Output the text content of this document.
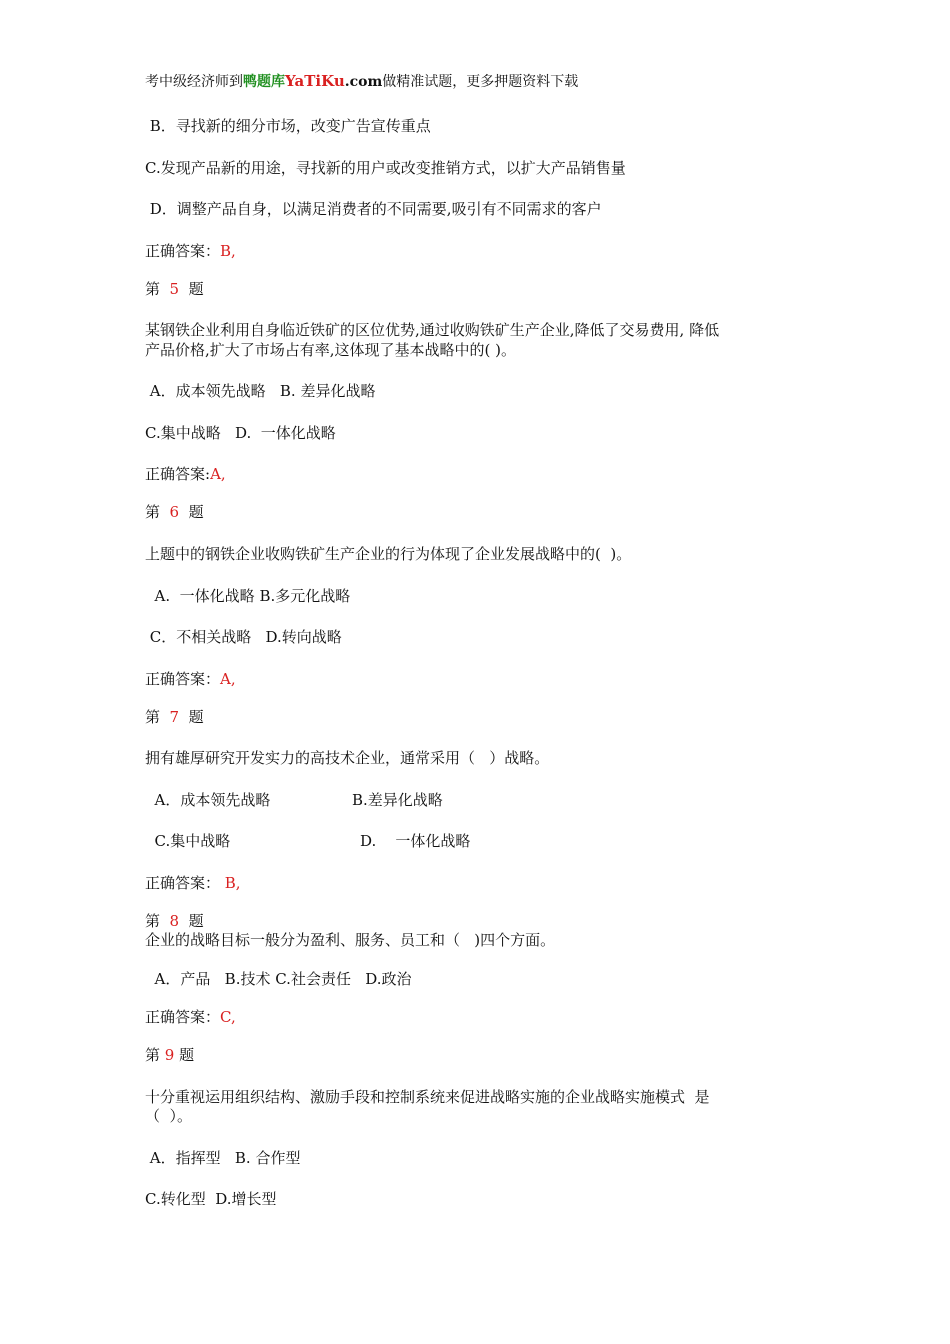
考中级经济师到鸭题库YaTiKu.com做精准试题，更多押题资料下载
B．寻找新的细分市场，改变广告宣传重点
C.发现产品新的用途，寻找新的用户或改变推销方式，以扩大产品销售量
D．调整产品自身，以满足消费者的不同需要,吸引有不同需求的客户
正确答案：B,
第  5  题
某钢铁企业利用自身临近铁矿的区位优势,通过收购铁矿生产企业,降低了交易费用, 降低
产品价格,扩大了市场占有率,这体现了基本战略中的( )。
A．成本领先战略   B. 差异化战略
C.集中战略   D.  一体化战略
正确答案:A,
第  6  题
上题中的钢铁企业收购铁矿生产企业的行为体现了企业发展战略中的(  )。
A.  一体化战略 B.多元化战略
C．不相关战略   D.转向战略
正确答案：A,
第  7  题
拥有雄厚研究开发实力的高技术企业，通常采用（   ）战略。
A．成本领先战略	B.差异化战略
C.集中战略	D.    一体化战略
正确答案： B,
第  8  题
企业的战略目标一般分为盈利、服务、员工和（   )四个方面。
A．产品   B.技术 C.社会责任   D.政治
正确答案：C,
第 9 题
十分重视运用组织结构、激励手段和控制系统来促进战略实施的企业战略实施模式  是
（  ）。
A．指挥型   B. 合作型
C.转化型  D.增长型
